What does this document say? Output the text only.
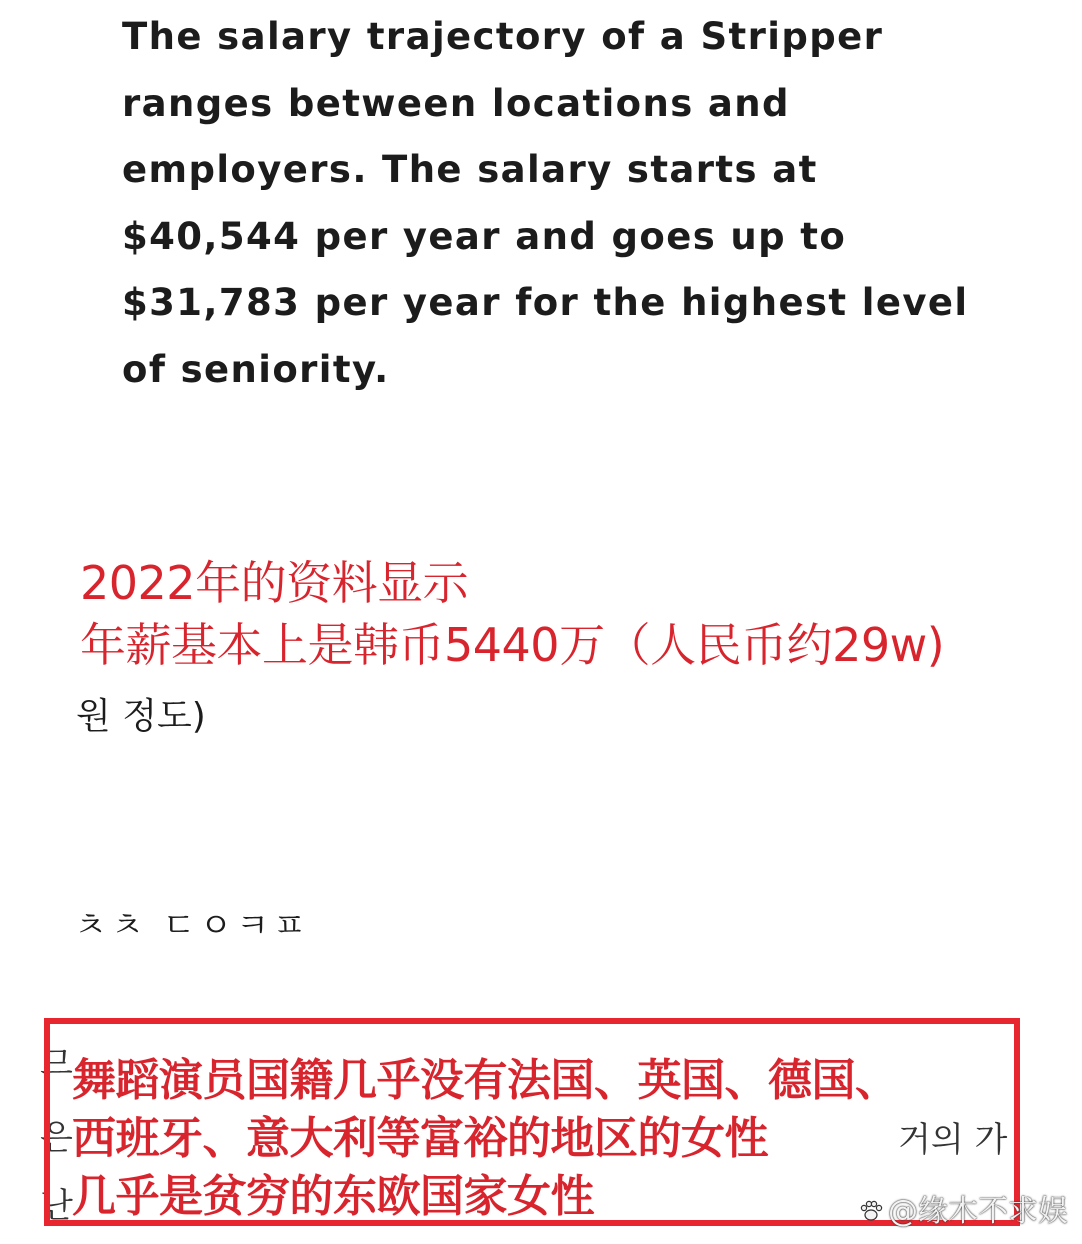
The salary trajectory of a Stripper
ranges between locations and
employers. The salary starts at
$40,544 per year and goes up to
$31,783 per year for the highest level
of seniority.
2022年的资料显示
年薪基本上是韩币5440万（人民币约29w)
원 정도)
ㅊㅊ ㄷㅇㅋㅍ
므
은
난
거의 가
舞蹈演员国籍几乎没有法国、英国、德国、
西班牙、意大利等富裕的地区的女性
几乎是贫穷的东欧国家女性	@缘木不求娱
